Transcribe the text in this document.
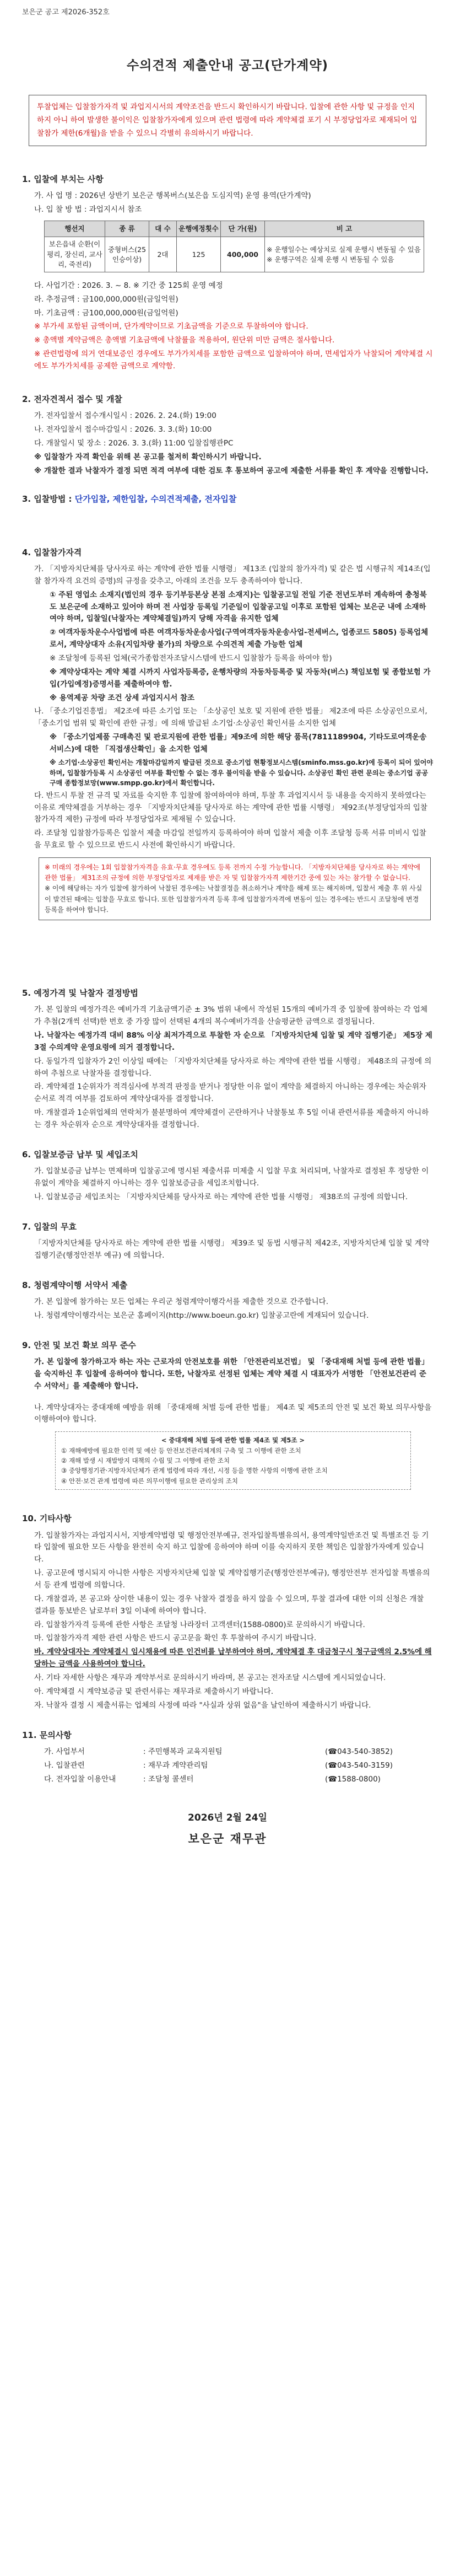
보은군 공고 제2026-352호
수의견적 제출안내 공고(단가계약)
투찰업체는 입찰참가자격 및 과업지시서의 계약조건을 반드시 확인하시기 바랍니다. 입찰에 관한 사항 및 규정을 인지하지 아니 하여 발생한 불이익은 입찰참가자에게 있으며 관련 법령에 따라 계약체결 포기 시 부정당업자로 제재되어 입찰참가 제한(6개월)을 받을 수 있으니 각별히 유의하시기 바랍니다.
1. 입찰에 부치는 사항
가. 사 업 명 : 2026년 상반기 보은군 행복버스(보은읍 도심지역) 운영 용역(단가계약)
나. 입 찰 방 법 : 과업지시서 참조
행선지	종 류	대 수	운행예정횟수	단 가(원)	비 고
보은읍내 순환(이평리, 장신리, 교사리, 죽전리)	중형버스(25인승이상)	2대	125	400,000	※ 운행일수는 예상치로 실제 운행시 변동될 수 있음
※ 운행구역은 실제 운행 시 변동될 수 있음
다. 사업기간 : 2026. 3. ~ 8. ※ 기간 중 125회 운영 예정
라. 추정금액 : 금100,000,000원(금일억원)
마. 기초금액 : 금100,000,000원(금일억원)
※ 부가세 포함된 금액이며, 단가계약이므로 기초금액을 기준으로 투찰하여야 합니다.
※ 총액별 계약금액은 총액별 기초금액에 낙찰률을 적용하여, 원단위 미만 금액은 절사합니다.
※ 관련법령에 의거 연대보증인 경우에도 부가가치세를 포함한 금액으로 입찰하여야 하며, 면세업자가 낙찰되어 계약체결 시에도 부가가치세를 공제한 금액으로 계약함.
2. 전자견적서 접수 및 개찰
가. 전자입찰서 접수개시일시 : 2026. 2. 24.(화) 19:00
나. 전자입찰서 접수마감일시 : 2026. 3. 3.(화) 10:00
다. 개찰일시 및 장소 : 2026. 3. 3.(화) 11:00 입찰집행관PC
※ 입찰참가 자격 확인을 위해 본 공고를 철저히 확인하시기 바랍니다.
※ 개찰한 결과 낙찰자가 결정 되면 적격 여부에 대한 검토 후 통보하여 공고에 제출한 서류를 확인 후 계약을 진행합니다.
3. 입찰방법 : 단가입찰, 제한입찰, 수의견적제출, 전자입찰
4. 입찰참가자격
가. 「지방자치단체를 당사자로 하는 계약에 관한 법률 시행령」 제13조 (입찰의 참가자격) 및 같은 법 시행규칙 제14조(입찰 참가자격 요건의 증명)의 규정을 갖추고, 아래의 조건을 모두 충족하여야 합니다.
① 주된 영업소 소재지(법인의 경우 등기부등본상 본점 소재지)는 입찰공고일 전일 기준 전년도부터 계속하여 충청북도 보은군에 소재하고 있어야 하며 전 사업장 등록일 기준일이 입찰공고일 이후로 포함된 업체는 보은군 내에 소재하여야 하며, 입찰일(낙찰자는 계약체결일)까지 당해 자격을 유지한 업체
② 여객자동차운수사업법에 따른 여객자동차운송사업(구역여객자동차운송사업-전세버스, 업종코드 5805) 등록업체로서, 계약상대자 소유(지입차량 불가)의 차량으로 수의견적 제출 가능한 업체
※ 조달청에 등록된 업체(국가종합전자조달시스템에 반드시 입찰참가 등록을 하여야 함)
※ 계약상대자는 계약 체결 시까지 사업자등록증, 운행차량의 자동차등록증 및 자동차(버스) 책임보험 및 종합보험 가입(가입예정)증명서를 제출하여야 함.
※ 용역제공 차량 조건 상세 과업지시서 참조
나. 「중소기업진흥법」 제2조에 따른 소기업 또는 「소상공인 보호 및 지원에 관한 법률」 제2조에 따른 소상공인으로서, 「중소기업 범위 및 확인에 관한 규정」에 의해 발급된 소기업·소상공인 확인서를 소지한 업체
※ 「중소기업제품 구매촉진 및 판로지원에 관한 법률」제9조에 의한 해당 품목(7811189904, 기타도로여객운송서비스)에 대한 「직접생산확인」을 소지한 업체
※ 소기업·소상공인 확인서는 개찰마감일까지 발급된 것으로 중소기업 현황정보시스템(sminfo.mss.go.kr)에 등록이 되어 있어야 하며, 입찰참가등록 시 소상공인 여부를 확인할 수 없는 경우 불이익을 받을 수 있습니다. 소상공인 확인 관련 문의는 중소기업 공공구매 종합정보망(www.smpp.go.kr)에서 확인합니다.
다. 반드시 투찰 전 규격 및 자료를 숙지한 후 입찰에 참여하여야 하며, 투찰 후 과업지시서 등 내용을 숙지하지 못하였다는 이유로 계약체결을 거부하는 경우 「지방자치단체를 당사자로 하는 계약에 관한 법률 시행령」 제92조(부정당업자의 입찰참가자격 제한) 규정에 따라 부정당업자로 제재될 수 있습니다.
라. 조달청 입찰참가등록은 입찰서 제출 마감일 전일까지 등록하여야 하며 입찰서 제출 이후 조달청 등록 서류 미비시 입찰을 무효로 할 수 있으므로 반드시 사전에 확인하시기 바랍니다.
※ 미래의 경우에는 1회 입찰참가자격을 유효·무효 경우에도 등록 전까지 수정 가능합니다. 「지방자치단체를 당사자로 하는 계약에 관한 법률」 제31조의 규정에 의한 부정당업자로 제재를 받은 자 및 입찰참가자격 제한기간 중에 있는 자는 참가할 수 없습니다.
※ 이에 해당하는 자가 입찰에 참가하여 낙찰된 경우에는 낙찰결정을 취소하거나 계약을 해제 또는 해지하며, 입찰서 제출 후 위 사실이 발견된 때에는 입찰을 무효로 합니다. 또한 입찰참가자격 등록 후에 입찰참가자격에 변동이 있는 경우에는 반드시 조달청에 변경등록을 하여야 합니다.
5. 예정가격 및 낙찰자 결정방법
가. 본 입찰의 예정가격은 예비가격 기초금액기준 ± 3% 범위 내에서 작성된 15개의 예비가격 중 입찰에 참여하는 각 업체가 추첨(2개씩 선택)한 번호 중 가장 많이 선택된 4개의 복수예비가격을 산술평균한 금액으로 결정됩니다.
나. 낙찰자는 예정가격 대비 88% 이상 최저가격으로 투찰한 자 순으로 「지방자치단체 입찰 및 계약 집행기준」 제5장 제3절 수의계약 운영요령에 의거 결정합니다.
다. 동일가격 입찰자가 2인 이상일 때에는 「지방자치단체를 당사자로 하는 계약에 관한 법률 시행령」 제48조의 규정에 의하여 추첨으로 낙찰자를 결정합니다.
라. 계약체결 1순위자가 적격심사에 부적격 판정을 받거나 정당한 이유 없이 계약을 체결하지 아니하는 경우에는 차순위자 순서로 적격 여부를 검토하여 계약상대자를 결정합니다.
마. 개찰결과 1순위업체의 연락처가 불분명하여 계약체결이 곤란하거나 낙찰통보 후 5일 이내 관련서류를 제출하지 아니하는 경우 차순위자 순으로 계약상대자를 결정합니다.
6. 입찰보증금 납부 및 세입조치
가. 입찰보증금 납부는 면제하며 입찰공고에 명시된 제출서류 미제출 시 입찰 무효 처리되며, 낙찰자로 결정된 후 정당한 이유없이 계약을 체결하지 아니하는 경우 입찰보증금을 세입조치합니다.
나. 입찰보증금 세입조치는 「지방자치단체를 당사자로 하는 계약에 관한 법률 시행령」 제38조의 규정에 의합니다.
7. 입찰의 무효
「지방자치단체를 당사자로 하는 계약에 관한 법률 시행령」 제39조 및 동법 시행규칙 제42조, 지방자치단체 입찰 및 계약 집행기준(행정안전부 예규) 에 의합니다.
8. 청렴계약이행 서약서 제출
가. 본 입찰에 참가하는 모든 업체는 우리군 청렴계약이행각서를 제출한 것으로 간주합니다.
나. 청렴계약이행각서는 보은군 홈페이지(http://www.boeun.go.kr) 입찰공고란에 게재되어 있습니다.
9. 안전 및 보건 확보 의무 준수
가. 본 입찰에 참가하고자 하는 자는 근로자의 안전보호를 위한 「안전관리보건법」 및 「중대재해 처벌 등에 관한 법률」 을 숙지하신 후 입찰에 응하여야 합니다. 또한, 낙찰자로 선정된 업체는 계약 체결 시 대표자가 서명한 「안전보건관리 준수 서약서」를 제출해야 합니다.
나. 계약상대자는 중대재해 예방을 위해 「중대재해 처벌 등에 관한 법률」 제4조 및 제5조의 안전 및 보건 확보 의무사항을 이행하여야 합니다.
< 중대재해 처벌 등에 관한 법률 제4조 및 제5조 >
① 재해예방에 필요한 인력 및 예산 등 안전보건관리체계의 구축 및 그 이행에 관한 조치
② 재해 발생 시 재발방지 대책의 수립 및 그 이행에 관한 조치
③ 중앙행정기관·지방자치단체가 관계 법령에 따라 개선, 시정 등을 명한 사항의 이행에 관한 조치
④ 안전·보건 관계 법령에 따른 의무이행에 필요한 관리상의 조치
10. 기타사항
가. 입찰참가자는 과업지시서, 지방계약법령 및 행정안전부예규, 전자입찰특별유의서, 용역계약일반조건 및 특별조건 등 기타 입찰에 필요한 모든 사항을 완전히 숙지 하고 입찰에 응하여야 하며 이를 숙지하지 못한 책임은 입찰참가자에게 있습니다.
나. 공고문에 명시되지 아니한 사항은 지방자치단체 입찰 및 계약집행기준(행정안전부예규), 행정안전부 전자입찰 특별유의서 등 관계 법령에 의합니다.
다. 개찰결과, 본 공고와 상이한 내용이 있는 경우 낙찰자 결정을 하지 않을 수 있으며, 투찰 결과에 대한 이의 신청은 개찰 결과를 통보받은 날로부터 3일 이내에 하여야 합니다.
라. 입찰참가자격 등록에 관한 사항은 조달청 나라장터 고객센터(1588-0800)로 문의하시기 바랍니다.
마. 입찰참가자격 제한 관련 사항은 반드시 공고문을 확인 후 투찰하여 주시기 바랍니다.
바. 계약상대자는 계약체결시 임시채용에 따른 인건비를 납부하여야 하며, 계약체결 후 대금청구시 청구금액의 2.5%에 해당하는 금액을 사용하여야 합니다.
사. 기타 자세한 사항은 재무과 계약부서로 문의하시기 바라며, 본 공고는 전자조달 시스템에 게시되었습니다.
아. 계약체결 시 계약보증금 및 관련서류는 재무과로 제출하시기 바랍니다.
자. 낙찰자 결정 시 제출서류는 업체의 사정에 따라 "사실과 상위 없음"을 날인하여 제출하시기 바랍니다.
11. 문의사항
가. 사업부서	: 주민행복과 교육지원팀	(☎043-540-3852)
나. 입찰관련	: 재무과 계약관리팀	(☎043-540-3159)
다. 전자입찰 이용안내	: 조달청 콜센터	(☎1588-0800)
2026년 2월 24일
보은군 재무관
